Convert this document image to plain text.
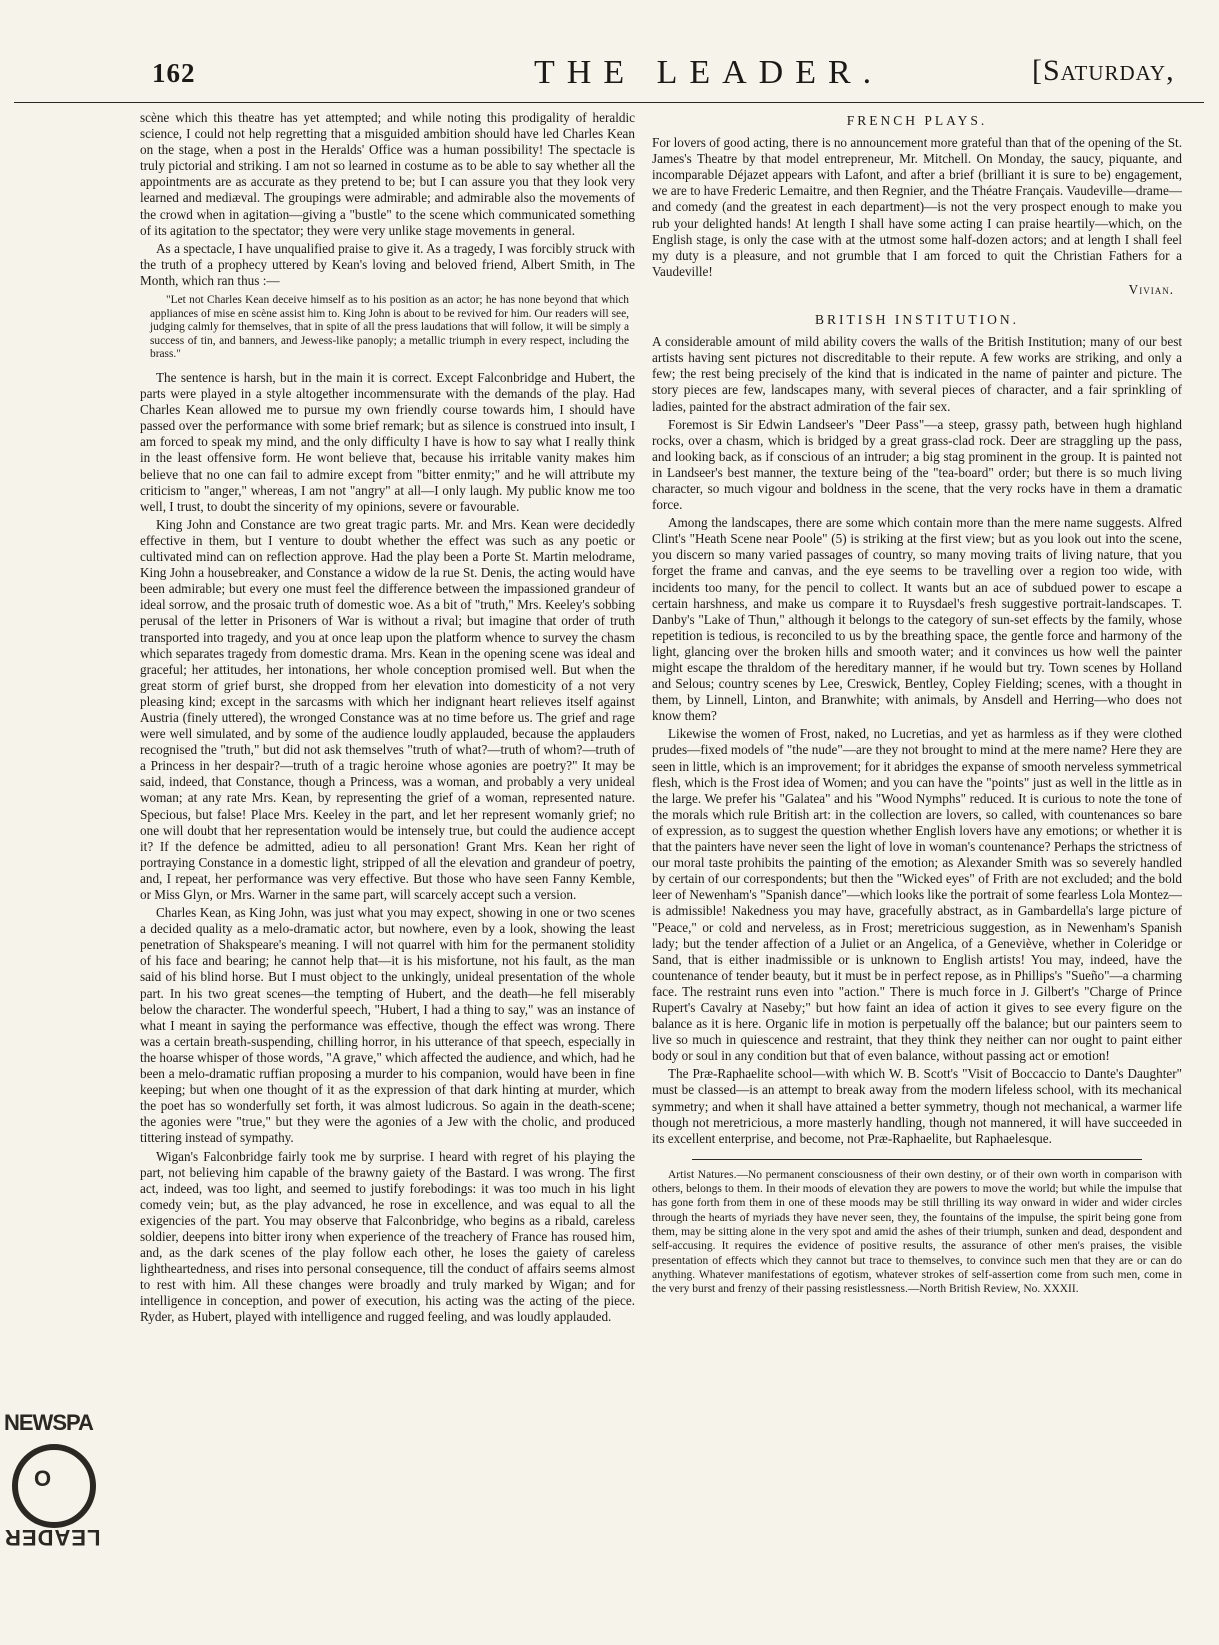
162	THE LEADER.	[Saturday,

scène which this theatre has yet attempted; and while noting this prodigality of heraldic science, I could not help regretting that a misguided ambition should have led Charles Kean on the stage, when a post in the Heralds' Office was a human possibility! The spectacle is truly pictorial and striking. I am not so learned in costume as to be able to say whether all the appointments are as accurate as they pretend to be; but I can assure you that they look very learned and mediæval. The groupings were admirable; and admirable also the movements of the crowd when in agitation—giving a "bustle" to the scene which communicated something of its agitation to the spectator; they were very unlike stage movements in general.

As a spectacle, I have unqualified praise to give it. As a tragedy, I was forcibly struck with the truth of a prophecy uttered by Kean's loving and beloved friend, Albert Smith, in The Month, which ran thus :—

"Let not Charles Kean deceive himself as to his position as an actor; he has none beyond that which appliances of mise en scène assist him to. King John is about to be revived for him. Our readers will see, judging calmly for themselves, that in spite of all the press laudations that will follow, it will be simply a success of tin, and banners, and Jewess-like panoply; a metallic triumph in every respect, including the brass."

The sentence is harsh, but in the main it is correct. Except Falconbridge and Hubert, the parts were played in a style altogether incommensurate with the demands of the play. Had Charles Kean allowed me to pursue my own friendly course towards him, I should have passed over the performance with some brief remark; but as silence is construed into insult, I am forced to speak my mind, and the only difficulty I have is how to say what I really think in the least offensive form. He wont believe that, because his irritable vanity makes him believe that no one can fail to admire except from "bitter enmity;" and he will attribute my criticism to "anger," whereas, I am not "angry" at all—I only laugh. My public know me too well, I trust, to doubt the sincerity of my opinions, severe or favourable.

King John and Constance are two great tragic parts. Mr. and Mrs. Kean were decidedly effective in them, but I venture to doubt whether the effect was such as any poetic or cultivated mind can on reflection approve. Had the play been a Porte St. Martin melodrame, King John a housebreaker, and Constance a widow de la rue St. Denis, the acting would have been admirable; but every one must feel the difference between the impassioned grandeur of ideal sorrow, and the prosaic truth of domestic woe. As a bit of "truth," Mrs. Keeley's sobbing perusal of the letter in Prisoners of War is without a rival; but imagine that order of truth transported into tragedy, and you at once leap upon the platform whence to survey the chasm which separates tragedy from domestic drama. Mrs. Kean in the opening scene was ideal and graceful; her attitudes, her intonations, her whole conception promised well. But when the great storm of grief burst, she dropped from her elevation into domesticity of a not very pleasing kind; except in the sarcasms with which her indignant heart relieves itself against Austria (finely uttered), the wronged Constance was at no time before us. The grief and rage were well simulated, and by some of the audience loudly applauded, because the applauders recognised the "truth," but did not ask themselves "truth of what?—truth of whom?—truth of a Princess in her despair?—truth of a tragic heroine whose agonies are poetry?" It may be said, indeed, that Constance, though a Princess, was a woman, and probably a very unideal woman; at any rate Mrs. Kean, by representing the grief of a woman, represented nature. Specious, but false! Place Mrs. Keeley in the part, and let her represent womanly grief; no one will doubt that her representation would be intensely true, but could the audience accept it? If the defence be admitted, adieu to all personation! Grant Mrs. Kean her right of portraying Constance in a domestic light, stripped of all the elevation and grandeur of poetry, and, I repeat, her performance was very effective. But those who have seen Fanny Kemble, or Miss Glyn, or Mrs. Warner in the same part, will scarcely accept such a version.

Charles Kean, as King John, was just what you may expect, showing in one or two scenes a decided quality as a melo-dramatic actor, but nowhere, even by a look, showing the least penetration of Shakspeare's meaning. I will not quarrel with him for the permanent stolidity of his face and bearing; he cannot help that—it is his misfortune, not his fault, as the man said of his blind horse. But I must object to the unkingly, unideal presentation of the whole part. In his two great scenes—the tempting of Hubert, and the death—he fell miserably below the character. The wonderful speech, "Hubert, I had a thing to say," was an instance of what I meant in saying the performance was effective, though the effect was wrong. There was a certain breath-suspending, chilling horror, in his utterance of that speech, especially in the hoarse whisper of those words, "A grave," which affected the audience, and which, had he been a melo-dramatic ruffian proposing a murder to his companion, would have been in fine keeping; but when one thought of it as the expression of that dark hinting at murder, which the poet has so wonderfully set forth, it was almost ludicrous. So again in the death-scene; the agonies were "true," but they were the agonies of a Jew with the cholic, and produced tittering instead of sympathy.

Wigan's Falconbridge fairly took me by surprise. I heard with regret of his playing the part, not believing him capable of the brawny gaiety of the Bastard. I was wrong. The first act, indeed, was too light, and seemed to justify forebodings: it was too much in his light comedy vein; but, as the play advanced, he rose in excellence, and was equal to all the exigencies of the part. You may observe that Falconbridge, who begins as a ribald, careless soldier, deepens into bitter irony when experience of the treachery of France has roused him, and, as the dark scenes of the play follow each other, he loses the gaiety of careless lightheartedness, and rises into personal consequence, till the conduct of affairs seems almost to rest with him. All these changes were broadly and truly marked by Wigan; and for intelligence in conception, and power of execution, his acting was the acting of the piece. Ryder, as Hubert, played with intelligence and rugged feeling, and was loudly applauded.

FRENCH PLAYS.

For lovers of good acting, there is no announcement more grateful than that of the opening of the St. James's Theatre by that model entrepreneur, Mr. Mitchell. On Monday, the saucy, piquante, and incomparable Déjazet appears with Lafont, and after a brief (brilliant it is sure to be) engagement, we are to have Frederic Lemaitre, and then Regnier, and the Théatre Français. Vaudeville—drame—and comedy (and the greatest in each department)—is not the very prospect enough to make you rub your delighted hands! At length I shall have some acting I can praise heartily—which, on the English stage, is only the case with at the utmost some half-dozen actors; and at length I shall feel my duty is a pleasure, and not grumble that I am forced to quit the Christian Fathers for a Vaudeville!

Vivian.
BRITISH INSTITUTION.

A considerable amount of mild ability covers the walls of the British Institution; many of our best artists having sent pictures not discreditable to their repute. A few works are striking, and only a few; the rest being precisely of the kind that is indicated in the name of painter and picture. The story pieces are few, landscapes many, with several pieces of character, and a fair sprinkling of ladies, painted for the abstract admiration of the fair sex.

Foremost is Sir Edwin Landseer's "Deer Pass"—a steep, grassy path, between hugh highland rocks, over a chasm, which is bridged by a great grass-clad rock. Deer are straggling up the pass, and looking back, as if conscious of an intruder; a big stag prominent in the group. It is painted not in Landseer's best manner, the texture being of the "tea-board" order; but there is so much living character, so much vigour and boldness in the scene, that the very rocks have in them a dramatic force.

Among the landscapes, there are some which contain more than the mere name suggests. Alfred Clint's "Heath Scene near Poole" (5) is striking at the first view; but as you look out into the scene, you discern so many varied passages of country, so many moving traits of living nature, that you forget the frame and canvas, and the eye seems to be travelling over a region too wide, with incidents too many, for the pencil to collect. It wants but an ace of subdued power to escape a certain harshness, and make us compare it to Ruysdael's fresh suggestive portrait-landscapes. T. Danby's "Lake of Thun," although it belongs to the category of sun-set effects by the family, whose repetition is tedious, is reconciled to us by the breathing space, the gentle force and harmony of the light, glancing over the broken hills and smooth water; and it convinces us how well the painter might escape the thraldom of the hereditary manner, if he would but try. Town scenes by Holland and Selous; country scenes by Lee, Creswick, Bentley, Copley Fielding; scenes, with a thought in them, by Linnell, Linton, and Branwhite; with animals, by Ansdell and Herring—who does not know them?

Likewise the women of Frost, naked, no Lucretias, and yet as harmless as if they were clothed prudes—fixed models of "the nude"—are they not brought to mind at the mere name? Here they are seen in little, which is an improvement; for it abridges the expanse of smooth nerveless symmetrical flesh, which is the Frost idea of Women; and you can have the "points" just as well in the little as in the large. We prefer his "Galatea" and his "Wood Nymphs" reduced. It is curious to note the tone of the morals which rule British art: in the collection are lovers, so called, with countenances so bare of expression, as to suggest the question whether English lovers have any emotions; or whether it is that the painters have never seen the light of love in woman's countenance? Perhaps the strictness of our moral taste prohibits the painting of the emotion; as Alexander Smith was so severely handled by certain of our correspondents; but then the "Wicked eyes" of Frith are not excluded; and the bold leer of Newenham's "Spanish dance"—which looks like the portrait of some fearless Lola Montez—is admissible! Nakedness you may have, gracefully abstract, as in Gambardella's large picture of "Peace," or cold and nerveless, as in Frost; meretricious suggestion, as in Newenham's Spanish lady; but the tender affection of a Juliet or an Angelica, of a Geneviève, whether in Coleridge or Sand, that is either inadmissible or is unknown to English artists! You may, indeed, have the countenance of tender beauty, but it must be in perfect repose, as in Phillips's "Sueño"—a charming face. The restraint runs even into "action." There is much force in J. Gilbert's "Charge of Prince Rupert's Cavalry at Naseby;" but how faint an idea of action it gives to see every figure on the balance as it is here. Organic life in motion is perpetually off the balance; but our painters seem to live so much in quiescence and restraint, that they think they neither can nor ought to paint either body or soul in any condition but that of even balance, without passing act or emotion!

The Præ-Raphaelite school—with which W. B. Scott's "Visit of Boccaccio to Dante's Daughter" must be classed—is an attempt to break away from the modern lifeless school, with its mechanical symmetry; and when it shall have attained a better symmetry, though not mechanical, a warmer life though not meretricious, a more masterly handling, though not mannered, it will have succeeded in its excellent enterprise, and become, not Præ-Raphaelite, but Raphaelesque.

Artist Natures.—No permanent consciousness of their own destiny, or of their own worth in comparison with others, belongs to them. In their moods of elevation they are powers to move the world; but while the impulse that has gone forth from them in one of these moods may be still thrilling its way onward in wider and wider circles through the hearts of myriads they have never seen, they, the fountains of the impulse, the spirit being gone from them, may be sitting alone in the very spot and amid the ashes of their triumph, sunken and dead, despondent and self-accusing. It requires the evidence of positive results, the assurance of other men's praises, the visible presentation of effects which they cannot but trace to themselves, to convince such men that they are or can do anything. Whatever manifestations of egotism, whatever strokes of self-assertion come from such men, come in the very burst and frenzy of their passing resistlessness.—North British Review, No. XXXII.

NEWSPA
O
LEADER
